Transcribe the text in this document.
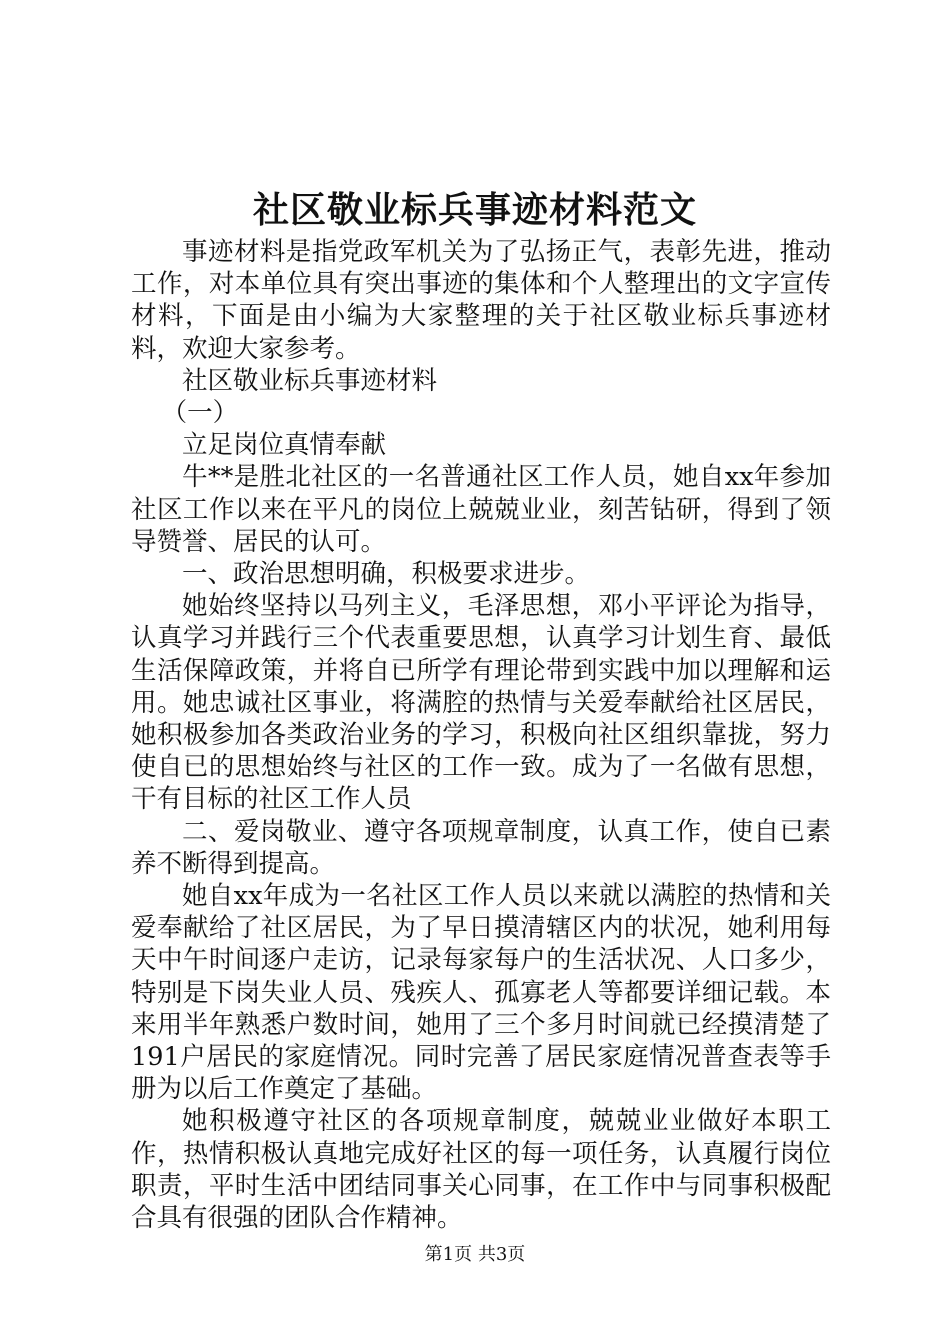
社区敬业标兵事迹材料范文

事迹材料是指党政军机关为了弘扬正气，表彰先进，推动工作，对本单位具有突出事迹的集体和个人整理出的文字宣传材料，下面是由小编为大家整理的关于社区敬业标兵事迹材料，欢迎大家参考。

社区敬业标兵事迹材料

（一）

立足岗位真情奉献

牛**是胜北社区的一名普通社区工作人员，她自xx年参加社区工作以来在平凡的岗位上兢兢业业，刻苦钻研，得到了领导赞誉、居民的认可。

一、政治思想明确，积极要求进步。

她始终坚持以马列主义，毛泽思想，邓小平评论为指导，认真学习并践行三个代表重要思想，认真学习计划生育、最低生活保障政策，并将自已所学有理论带到实践中加以理解和运用。她忠诚社区事业，将满腔的热情与关爱奉献给社区居民，她积极参加各类政治业务的学习，积极向社区组织靠拢，努力使自已的思想始终与社区的工作一致。成为了一名做有思想，干有目标的社区工作人员

二、爱岗敬业、遵守各项规章制度，认真工作，使自已素养不断得到提高。

她自xx年成为一名社区工作人员以来就以满腔的热情和关爱奉献给了社区居民，为了早日摸清辖区内的状况，她利用每天中午时间逐户走访，记录每家每户的生活状况、人口多少，特别是下岗失业人员、残疾人、孤寡老人等都要详细记载。本来用半年熟悉户数时间，她用了三个多月时间就已经摸清楚了191户居民的家庭情况。同时完善了居民家庭情况普查表等手册为以后工作奠定了基础。

她积极遵守社区的各项规章制度，兢兢业业做好本职工作，热情积极认真地完成好社区的每一项任务，认真履行岗位职责，平时生活中团结同事关心同事，在工作中与同事积极配合具有很强的团队合作精神。

第1页 共3页
